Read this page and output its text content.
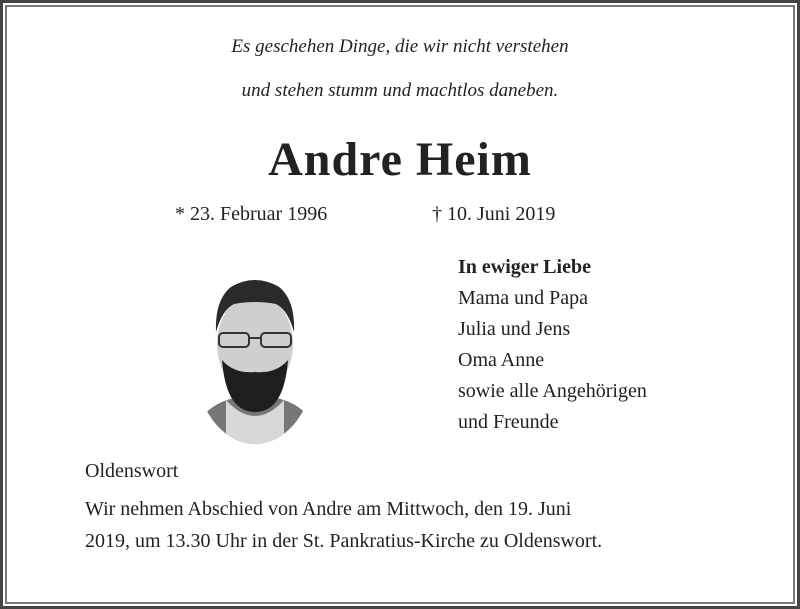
Es geschehen Dinge, die wir nicht verstehen
und stehen stumm und machtlos daneben.
Andre Heim
* 23. Februar 1996	† 10. Juni 2019
In ewiger Liebe
Mama und Papa
Julia und Jens
Oma Anne
sowie alle Angehörigen
und Freunde
Oldenswort
Wir nehmen Abschied von Andre am Mittwoch, den 19. Juni
2019, um 13.30 Uhr in der St. Pankratius-Kirche zu Oldenswort.
